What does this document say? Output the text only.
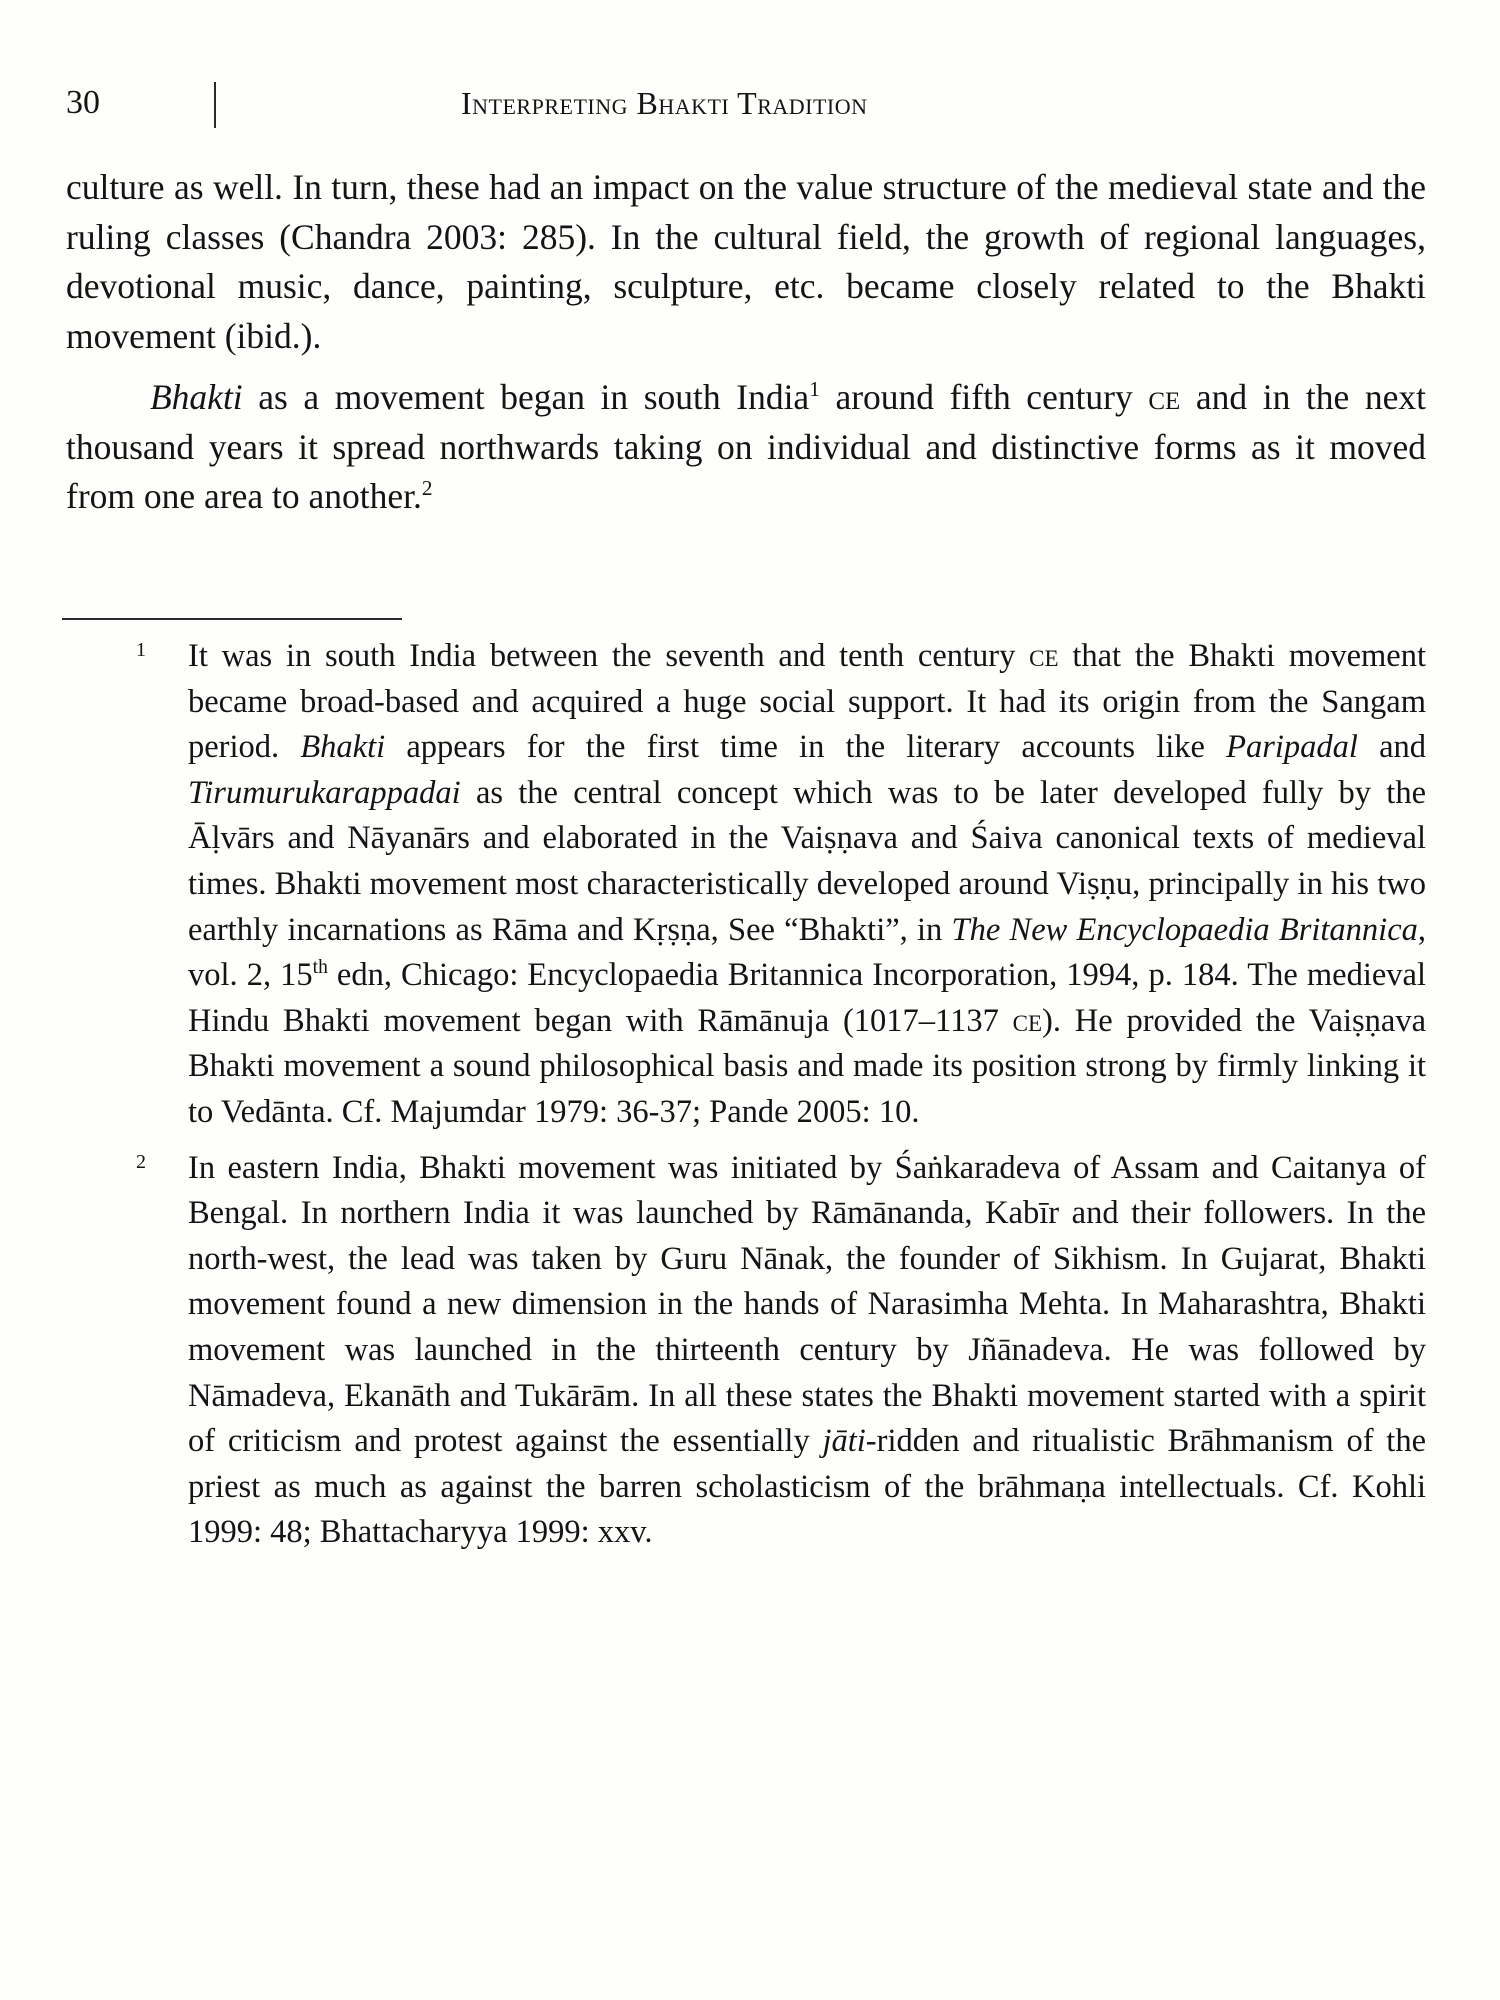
30	Interpreting Bhakti Tradition

culture as well. In turn, these had an impact on the value structure of the medieval state and the ruling classes (Chandra 2003: 285). In the cultural field, the growth of regional languages, devotional music, dance, painting, sculpture, etc. became closely related to the Bhakti movement (ibid.).

Bhakti as a movement began in south India$^1$ around fifth century ce and in the next thousand years it spread northwards taking on individual and distinctive forms as it moved from one area to another.$^2$

1 It was in south India between the seventh and tenth century ce that the Bhakti movement became broad-based and acquired a huge social support. It had its origin from the Sangam period. Bhakti appears for the first time in the literary accounts like Paripadal and Tirumurukarappadai as the central concept which was to be later developed fully by the Āḷvārs and Nāyanārs and elaborated in the Vaiṣṇava and Śaiva canonical texts of medieval times. Bhakti movement most characteristically developed around Viṣṇu, principally in his two earthly incarnations as Rāma and Kṛṣṇa, See “Bhakti”, in The New Encyclopaedia Britannica, vol. 2, 15th edn, Chicago: Encyclopaedia Britannica Incorporation, 1994, p. 184. The medieval Hindu Bhakti movement began with Rāmānuja (1017–1137 ce). He provided the Vaiṣṇava Bhakti movement a sound philosophical basis and made its position strong by firmly linking it to Vedānta. Cf. Majumdar 1979: 36-37; Pande 2005: 10.
2 In eastern India, Bhakti movement was initiated by Śaṅkaradeva of Assam and Caitanya of Bengal. In northern India it was launched by Rāmānanda, Kabīr and their followers. In the north-west, the lead was taken by Guru Nānak, the founder of Sikhism. In Gujarat, Bhakti movement found a new dimension in the hands of Narasimha Mehta. In Maharashtra, Bhakti movement was launched in the thirteenth century by Jñānadeva. He was followed by Nāmadeva, Ekanāth and Tukārām. In all these states the Bhakti movement started with a spirit of criticism and protest against the essentially jāti-ridden and ritualistic Brāhmanism of the priest as much as against the barren scholasticism of the brāhmaṇa intellectuals. Cf. Kohli 1999: 48; Bhattacharyya 1999: xxv.
